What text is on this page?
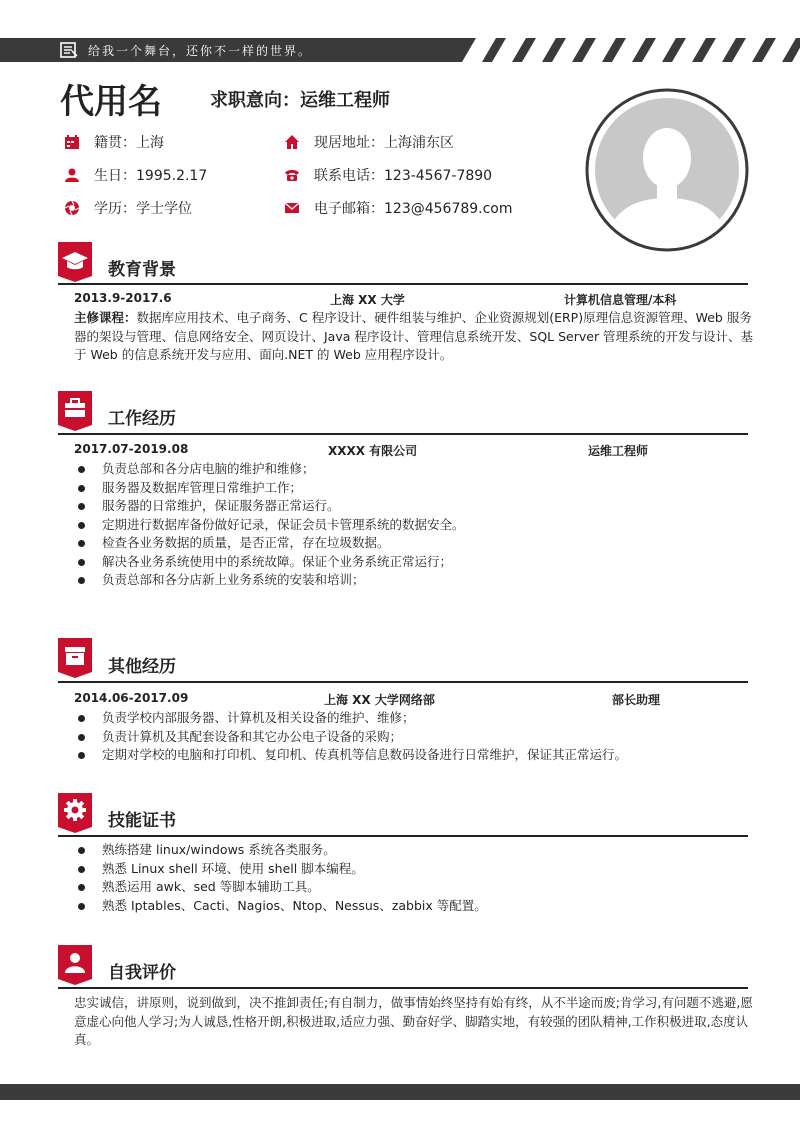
给我一个舞台，还你不一样的世界。
代用名	求职意向：运维工程师
籍贯：上海	现居地址：上海浦东区
生日：1995.2.17	联系电话：123-4567-7890
学历：学士学位	电子邮箱：123@456789.com
教育背景
2013.9-2017.6	上海 XX 大学	计算机信息管理/本科
主修课程：数据库应用技术、电子商务、C 程序设计、硬件组装与维护、企业资源规划(ERP)原理信息资源管理、Web 服务器的架设与管理、信息网络安全、网页设计、Java 程序设计、管理信息系统开发、SQL Server 管理系统的开发与设计、基于 Web 的信息系统开发与应用、面向.NET 的 Web 应用程序设计。
工作经历
2017.07-2019.08	XXXX 有限公司	运维工程师
负责总部和各分店电脑的维护和维修；
服务器及数据库管理日常维护工作；
服务器的日常维护，保证服务器正常运行。
定期进行数据库备份做好记录，保证会员卡管理系统的数据安全。
检查各业务数据的质量，是否正常，存在垃圾数据。
解决各业务系统使用中的系统故障。保证个业务系统正常运行；
负责总部和各分店新上业务系统的安装和培训；
其他经历
2014.06-2017.09	上海 XX 大学网络部	部长助理
负责学校内部服务器、计算机及相关设备的维护、维修；
负责计算机及其配套设备和其它办公电子设备的采购；
定期对学校的电脑和打印机、复印机、传真机等信息数码设备进行日常维护，保证其正常运行。
技能证书
熟练搭建 linux/windows 系统各类服务。
熟悉 Linux shell 环境、使用 shell 脚本编程。
熟悉运用 awk、sed 等脚本辅助工具。
熟悉 Iptables、Cacti、Nagios、Ntop、Nessus、zabbix 等配置。
自我评价
忠实诚信，讲原则，说到做到，决不推卸责任;有自制力，做事情始终坚持有始有终，从不半途而废;肯学习,有问题不逃避,愿意虚心向他人学习;为人诚恳,性格开朗,积极进取,适应力强、勤奋好学、脚踏实地，有较强的团队精神,工作积极进取,态度认真。
